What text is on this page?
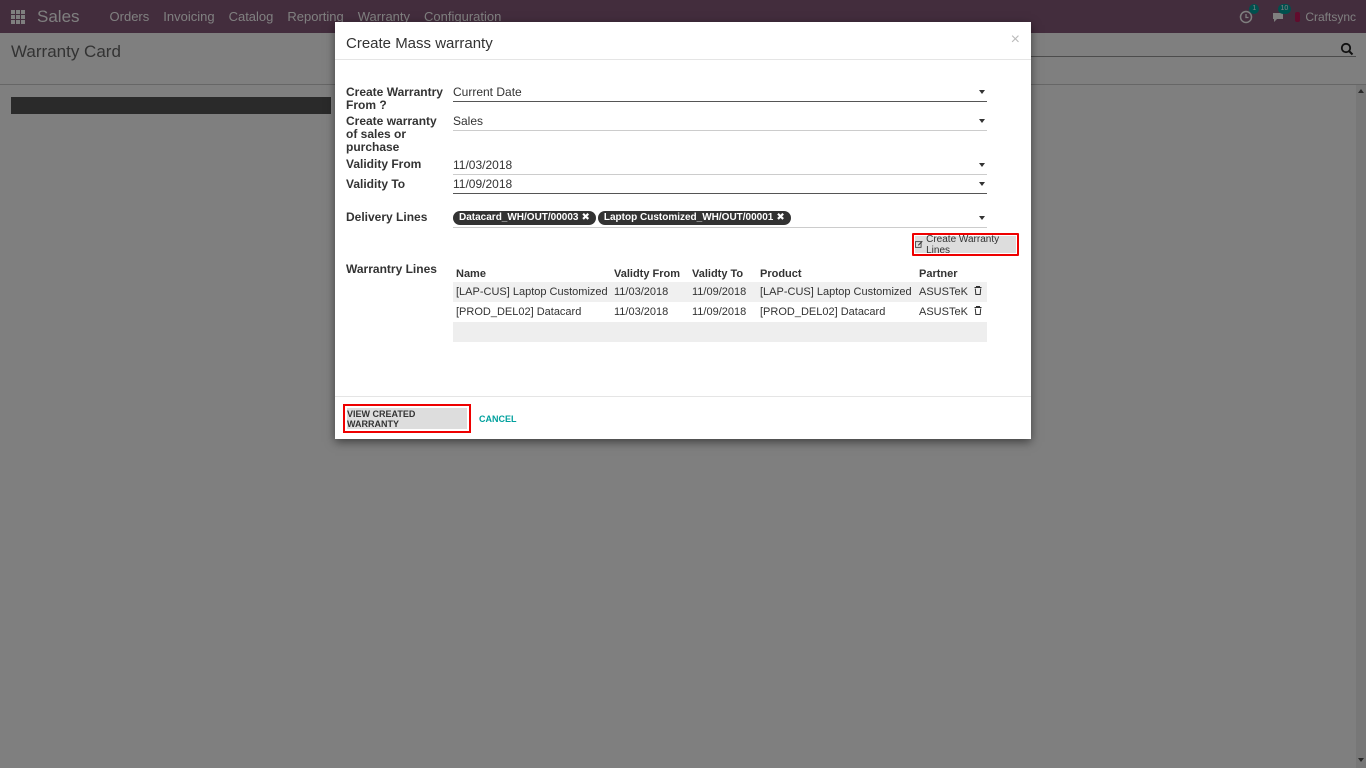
Create Mass warranty	×
Create Warrantry From ?
Current Date
Create warranty of sales or purchase
Sales
Validity From	11/03/2018
Validity To	11/09/2018
Delivery Lines	Datacard_WH/OUT/00003 ✖ Laptop Customized_WH/OUT/00001 ✖
Create Warranty Lines
Warrantry Lines Name	Validty From	Validty To	Product	Partner	
[LAP-CUS] Laptop Customized	11/03/2018	11/09/2018	[LAP-CUS] Laptop Customized	ASUSTeK	
[PROD_DEL02] Datacard	11/03/2018	11/09/2018	[PROD_DEL02] Datacard	ASUSTeK	

VIEW CREATED WARRANTY	CANCEL
